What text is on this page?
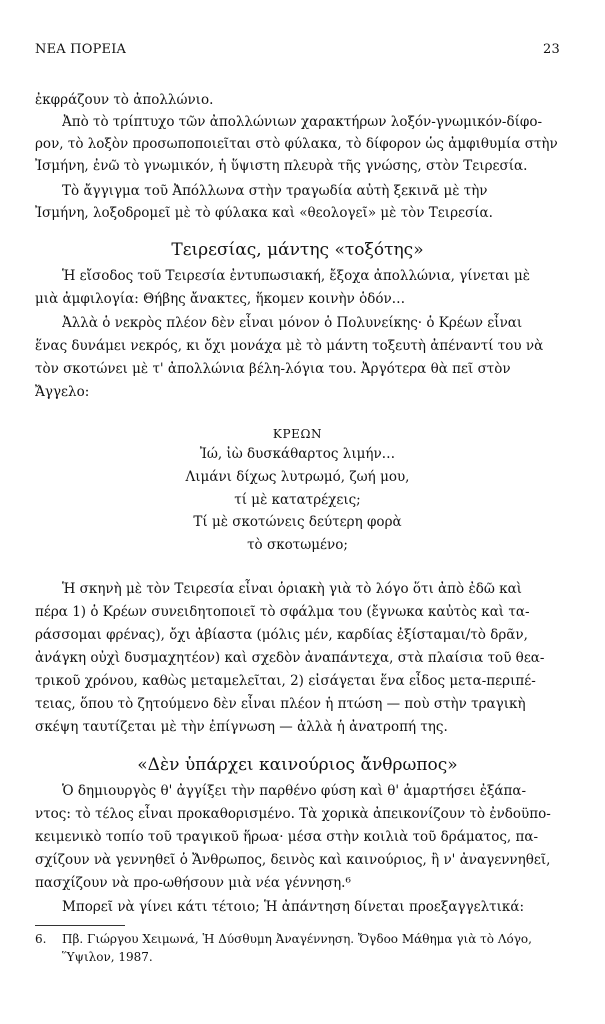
ΝΕΑ ΠΟΡΕΙΑ	23
ἐκφράζουν τὸ ἀπολλώνιο.
Ἀπὸ τὸ τρίπτυχο τῶν ἀπολλώνιων χαρακτήρων λοξόν-γνωμικόν-δίφο-
ρον, τὸ λοξὸν προσωποποιεῖται στὸ φύλακα, τὸ δίφορον ὡς ἀμφιθυμία στὴν
Ἰσμήνη, ἐνῶ τὸ γνωμικόν, ἡ ὕψιστη πλευρὰ τῆς γνώσης, στὸν Τειρεσία.
Τὸ ἄγγιγμα τοῦ Ἀπόλλωνα στὴν τραγωδία αὐτὴ ξεκινᾶ μὲ τὴν
Ἰσμήνη, λοξοδρομεῖ μὲ τὸ φύλακα καὶ «θεολογεῖ» μὲ τὸν Τειρεσία.
Τειρεσίας, μάντης «τοξότης»
Ἡ εἴσοδος τοῦ Τειρεσία ἐντυπωσιακή, ἔξοχα ἀπολλώνια, γίνεται μὲ
μιὰ ἀμφιλογία: Θήβης ἄνακτες, ἥκομεν κοινὴν ὁδόν…
Ἀλλὰ ὁ νεκρὸς πλέον δὲν εἶναι μόνον ὁ Πολυνείκης· ὁ Κρέων εἶναι
ἕνας δυνάμει νεκρός, κι ὄχι μονάχα μὲ τὸ μάντη τοξευτὴ ἀπέναντί του νὰ
τὸν σκοτώνει μὲ τ' ἀπολλώνια βέλη-λόγια του. Ἀργότερα θὰ πεῖ στὸν
Ἄγγελο:
ΚΡΕΩΝ
Ἰώ, ἰὼ δυσκάθαρτος λιμήν…
Λιμάνι δίχως λυτρωμό, ζωή μου,
τί μὲ κατατρέχεις;
Τί μὲ σκοτώνεις δεύτερη φορὰ
τὸ σκοτωμένο;
Ἡ σκηνὴ μὲ τὸν Τειρεσία εἶναι ὁριακὴ γιὰ τὸ λόγο ὅτι ἀπὸ ἐδῶ καὶ
πέρα 1) ὁ Κρέων συνειδητοποιεῖ τὸ σφάλμα του (ἔγνωκα καὐτὸς καὶ τα-
ράσσομαι φρένας), ὄχι ἀβίαστα (μόλις μέν, καρδίας ἐξίσταμαι/τὸ δρᾶν,
ἀνάγκη οὐχὶ δυσμαχητέον) καὶ σχεδὸν ἀναπάντεχα, στὰ πλαίσια τοῦ θεα-
τρικοῦ χρόνου, καθὼς μεταμελεῖται, 2) εἰσάγεται ἕνα εἶδος μετα-περιπέ-
τειας, ὅπου τὸ ζητούμενο δὲν εἶναι πλέον ἡ πτώση — ποὺ στὴν τραγικὴ
σκέψη ταυτίζεται μὲ τὴν ἐπίγνωση — ἀλλὰ ἡ ἀνατροπή της.
«Δὲν ὑπάρχει καινούριος ἄνθρωπος»
Ὁ δημιουργὸς θ' ἀγγίξει τὴν παρθένο φύση καὶ θ' ἁμαρτήσει ἐξάπα-
ντος: τὸ τέλος εἶναι προκαθορισμένο. Τὰ χορικὰ ἀπεικονίζουν τὸ ἐνδοϋπο-
κειμενικὸ τοπίο τοῦ τραγικοῦ ἥρωα· μέσα στὴν κοιλιὰ τοῦ δράματος, πα-
σχίζουν νὰ γεννηθεῖ ὁ Ἄνθρωπος, δεινὸς καὶ καινούριος, ἢ ν' ἀναγεννηθεῖ,
πασχίζουν νὰ προ-ωθήσουν μιὰ νέα γέννηση.⁶
Μπορεῖ νὰ γίνει κάτι τέτοιο; Ἡ ἀπάντηση δίνεται προεξαγγελτικά:
6. Πβ. Γιώργου Χειμωνά, Ἡ Δύσθυμη Ἀναγέννηση. Ὄγδοο Μάθημα γιὰ τὸ Λόγο,
Ὕψιλον, 1987.
